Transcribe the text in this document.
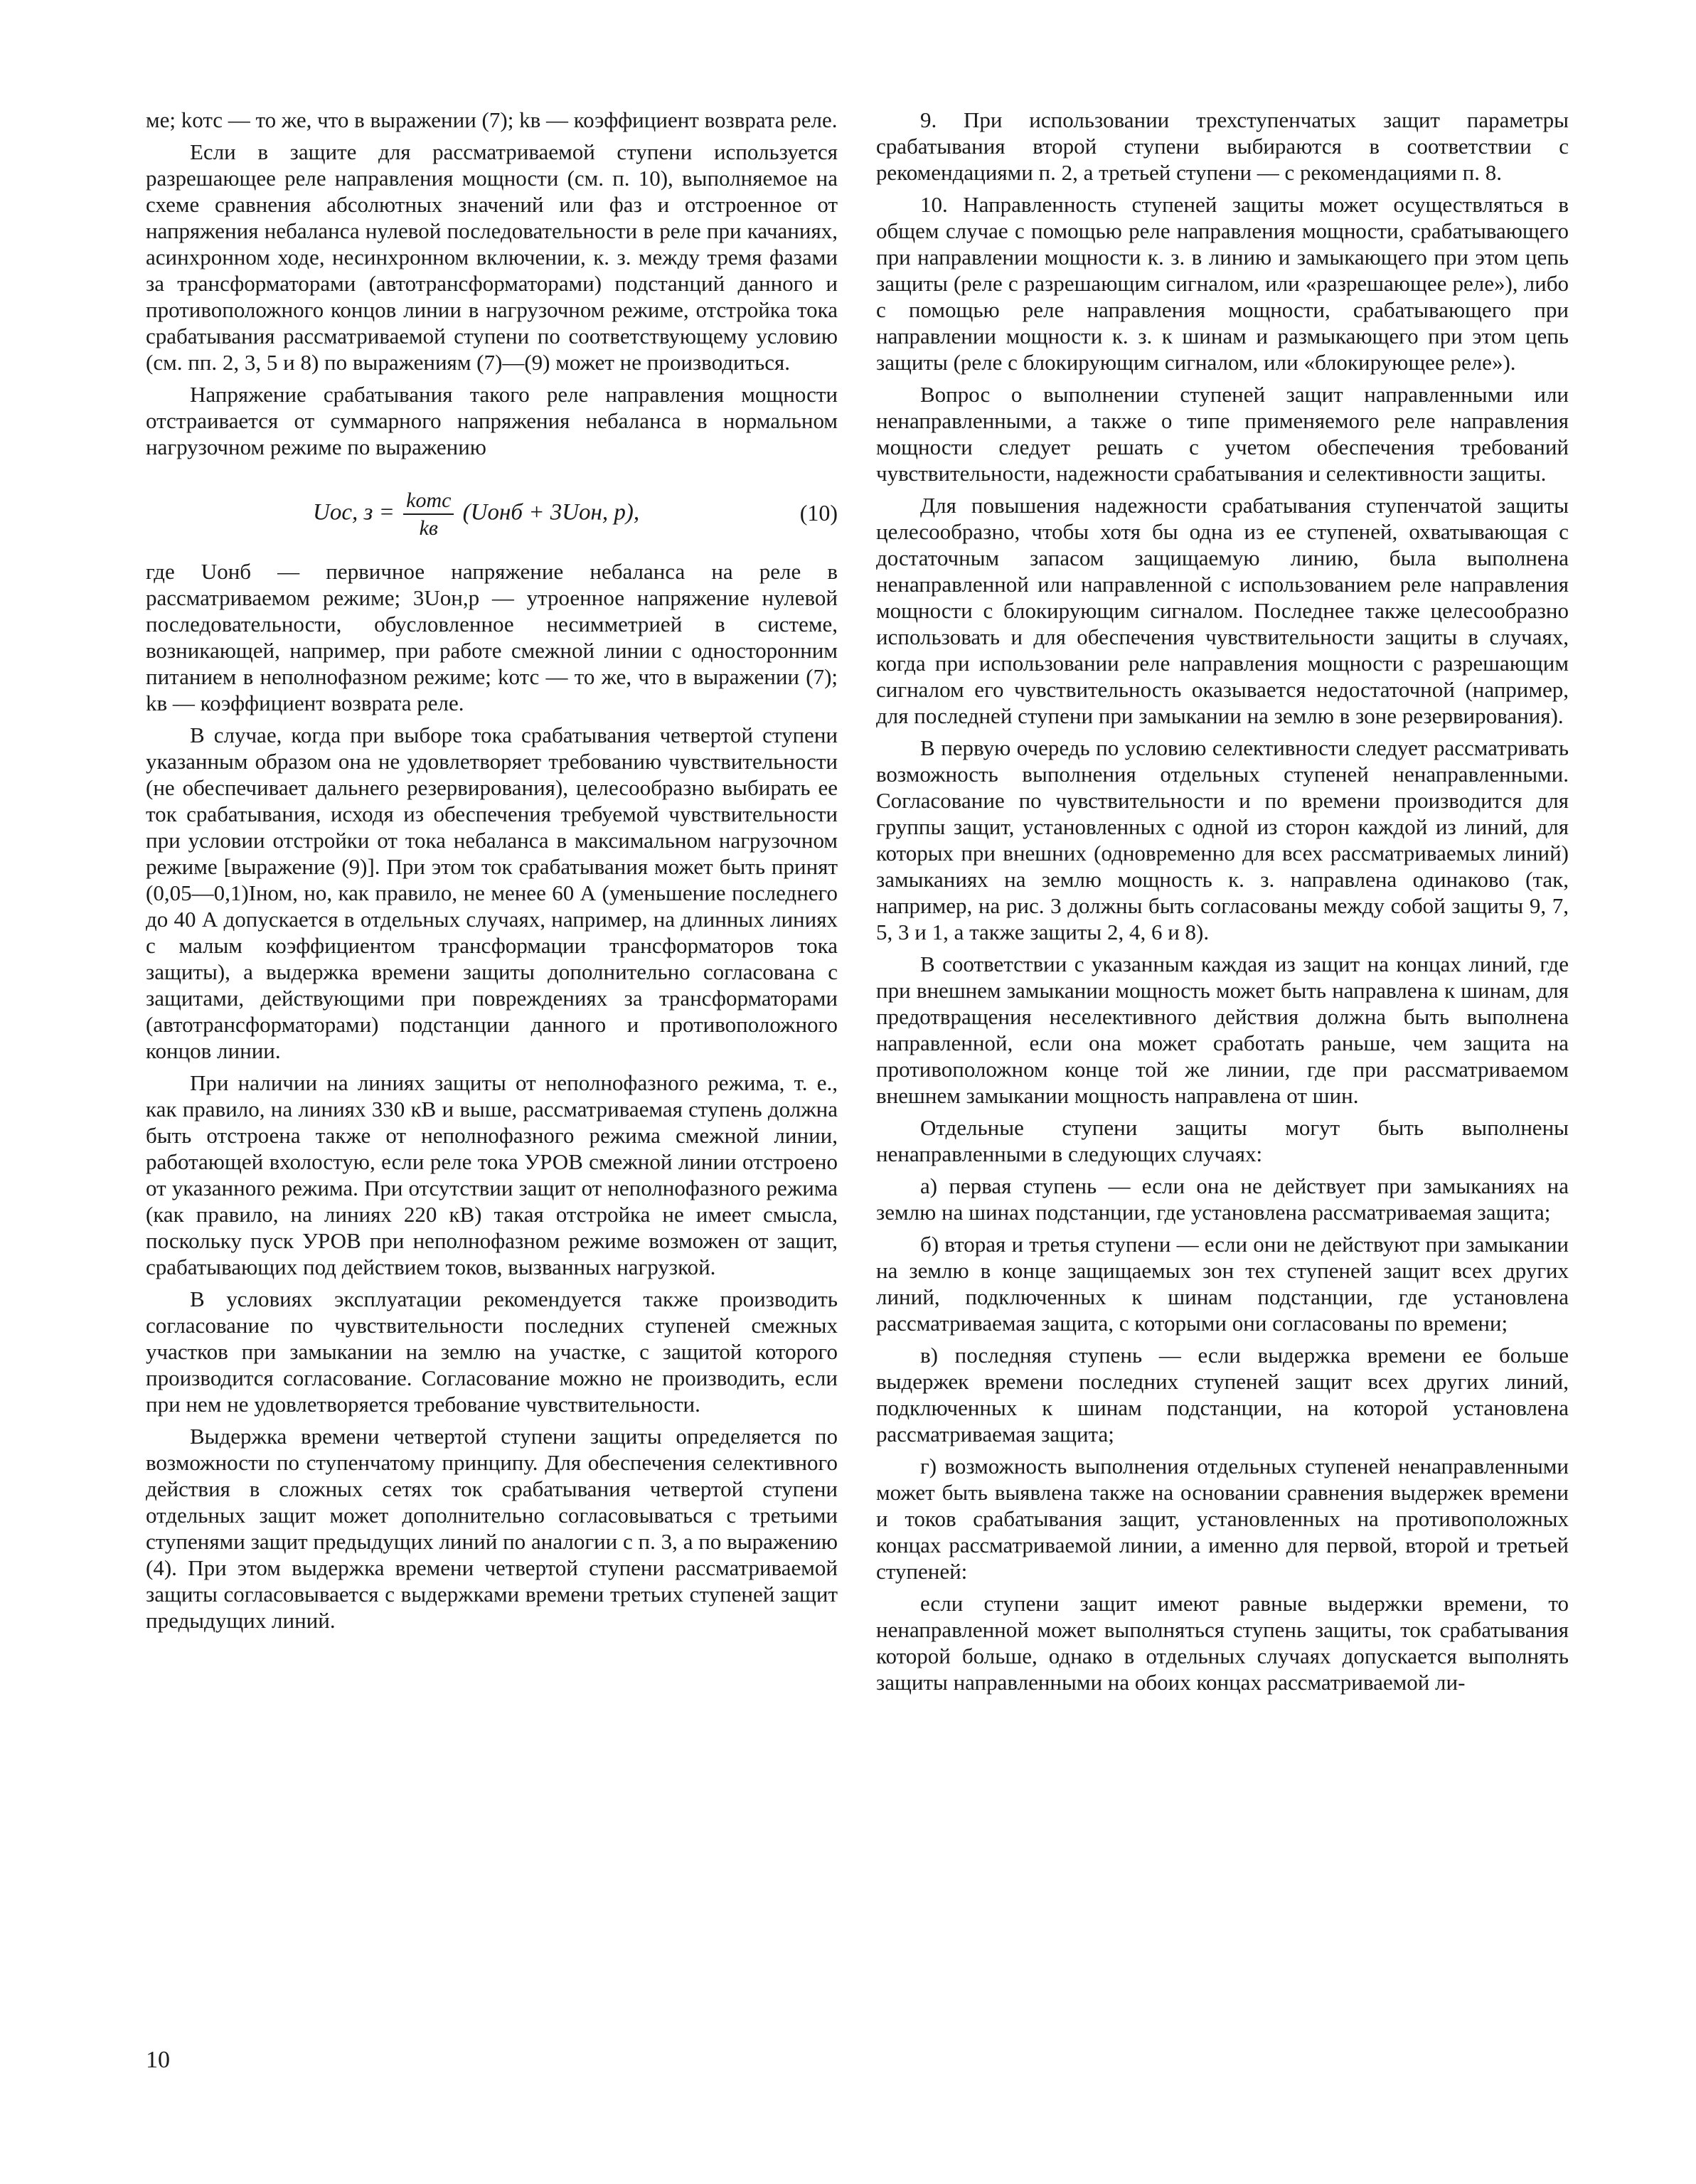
ме; kотс — то же, что в выражении (7); kв — коэффициент возврата реле.

Если в защите для рассматриваемой ступени используется разрешающее реле направления мощности (см. п. 10), выполняемое на схеме сравнения абсолютных значений или фаз и отстроенное от напряжения небаланса нулевой последовательности в реле при качаниях, асинхронном ходе, несинхронном включении, к. з. между тремя фазами за трансформаторами (автотрансформаторами) подстанций данного и противоположного концов линии в нагрузочном режиме, отстройка тока срабатывания рассматриваемой ступени по соответствующему условию (см. пп. 2, 3, 5 и 8) по выражениям (7)—(9) может не производиться.

Напряжение срабатывания такого реле направления мощности отстраивается от суммарного напряжения небаланса в нормальном нагрузочном режиме по выражению

Uос, $з = \frac{\text{kотс}}{kв}$ (Uонб + 3Uон, р),	(10)

где Uонб — первичное напряжение небаланса на реле в рассматриваемом режиме; 3Uон,р — утроенное напряжение нулевой последовательности, обусловленное несимметрией в системе, возникающей, например, при работе смежной линии с односторонним питанием в неполнофазном режиме; kотс — то же, что в выражении (7); kв — коэффициент возврата реле.

В случае, когда при выборе тока срабатывания четвертой ступени указанным образом она не удовлетворяет требованию чувствительности (не обеспечивает дальнего резервирования), целесообразно выбирать ее ток срабатывания, исходя из обеспечения требуемой чувствительности при условии отстройки от тока небаланса в максимальном нагрузочном режиме [выражение (9)]. При этом ток срабатывания может быть принят (0,05—0,1)Iном, но, как правило, не менее 60 А (уменьшение последнего до 40 А допускается в отдельных случаях, например, на длинных линиях с малым коэффициентом трансформации трансформаторов тока защиты), а выдержка времени защиты дополнительно согласована с защитами, действующими при повреждениях за трансформаторами (автотрансформаторами) подстанции данного и противоположного концов линии.

При наличии на линиях защиты от неполнофазного режима, т. е., как правило, на линиях 330 кВ и выше, рассматриваемая ступень должна быть отстроена также от неполнофазного режима смежной линии, работающей вхолостую, если реле тока УРОВ смежной линии отстроено от указанного режима. При отсутствии защит от неполнофазного режима (как правило, на линиях 220 кВ) такая отстройка не имеет смысла, поскольку пуск УРОВ при неполнофазном режиме возможен от защит, срабатывающих под действием токов, вызванных нагрузкой.

В условиях эксплуатации рекомендуется также производить согласование по чувствительности последних ступеней смежных участков при замыкании на землю на участке, с защитой которого производится согласование. Согласование можно не производить, если при нем не удовлетворяется требование чувствительности.

Выдержка времени четвертой ступени защиты определяется по возможности по ступенчатому принципу. Для обеспечения селективного действия в сложных сетях ток срабатывания четвертой ступени отдельных защит может дополнительно согласовываться с третьими ступенями защит предыдущих линий по аналогии с п. 3, а по выражению (4). При этом выдержка времени четвертой ступени рассматриваемой защиты согласовывается с выдержками времени третьих ступеней защит предыдущих линий.

9. При использовании трехступенчатых защит параметры срабатывания второй ступени выбираются в соответствии с рекомендациями п. 2, а третьей ступени — с рекомендациями п. 8.

10. Направленность ступеней защиты может осуществляться в общем случае с помощью реле направления мощности, срабатывающего при направлении мощности к. з. в линию и замыкающего при этом цепь защиты (реле с разрешающим сигналом, или «разрешающее реле»), либо с помощью реле направления мощности, срабатывающего при направлении мощности к. з. к шинам и размыкающего при этом цепь защиты (реле с блокирующим сигналом, или «блокирующее реле»).

Вопрос о выполнении ступеней защит направленными или ненаправленными, а также о типе применяемого реле направления мощности следует решать с учетом обеспечения требований чувствительности, надежности срабатывания и селективности защиты.

Для повышения надежности срабатывания ступенчатой защиты целесообразно, чтобы хотя бы одна из ее ступеней, охватывающая с достаточным запасом защищаемую линию, была выполнена ненаправленной или направленной с использованием реле направления мощности с блокирующим сигналом. Последнее также целесообразно использовать и для обеспечения чувствительности защиты в случаях, когда при использовании реле направления мощности с разрешающим сигналом его чувствительность оказывается недостаточной (например, для последней ступени при замыкании на землю в зоне резервирования).

В первую очередь по условию селективности следует рассматривать возможность выполнения отдельных ступеней ненаправленными. Согласование по чувствительности и по времени производится для группы защит, установленных с одной из сторон каждой из линий, для которых при внешних (одновременно для всех рассматриваемых линий) замыканиях на землю мощность к. з. направлена одинаково (так, например, на рис. 3 должны быть согласованы между собой защиты 9, 7, 5, 3 и 1, а также защиты 2, 4, 6 и 8).

В соответствии с указанным каждая из защит на концах линий, где при внешнем замыкании мощность может быть направлена к шинам, для предотвращения неселективного действия должна быть выполнена направленной, если она может сработать раньше, чем защита на противоположном конце той же линии, где при рассматриваемом внешнем замыкании мощность направлена от шин.

Отдельные ступени защиты могут быть выполнены ненаправленными в следующих случаях:

а) первая ступень — если она не действует при замыканиях на землю на шинах подстанции, где установлена рассматриваемая защита;

б) вторая и третья ступени — если они не действуют при замыкании на землю в конце защищаемых зон тех ступеней защит всех других линий, подключенных к шинам подстанции, где установлена рассматриваемая защита, с которыми они согласованы по времени;

в) последняя ступень — если выдержка времени ее больше выдержек времени последних ступеней защит всех других линий, подключенных к шинам подстанции, на которой установлена рассматриваемая защита;

г) возможность выполнения отдельных ступеней ненаправленными может быть выявлена также на основании сравнения выдержек времени и токов срабатывания защит, установленных на противоположных концах рассматриваемой линии, а именно для первой, второй и третьей ступеней:

если ступени защит имеют равные выдержки времени, то ненаправленной может выполняться ступень защиты, ток срабатывания которой больше, однако в отдельных случаях допускается выполнять защиты направленными на обоих концах рассматриваемой ли-

10
